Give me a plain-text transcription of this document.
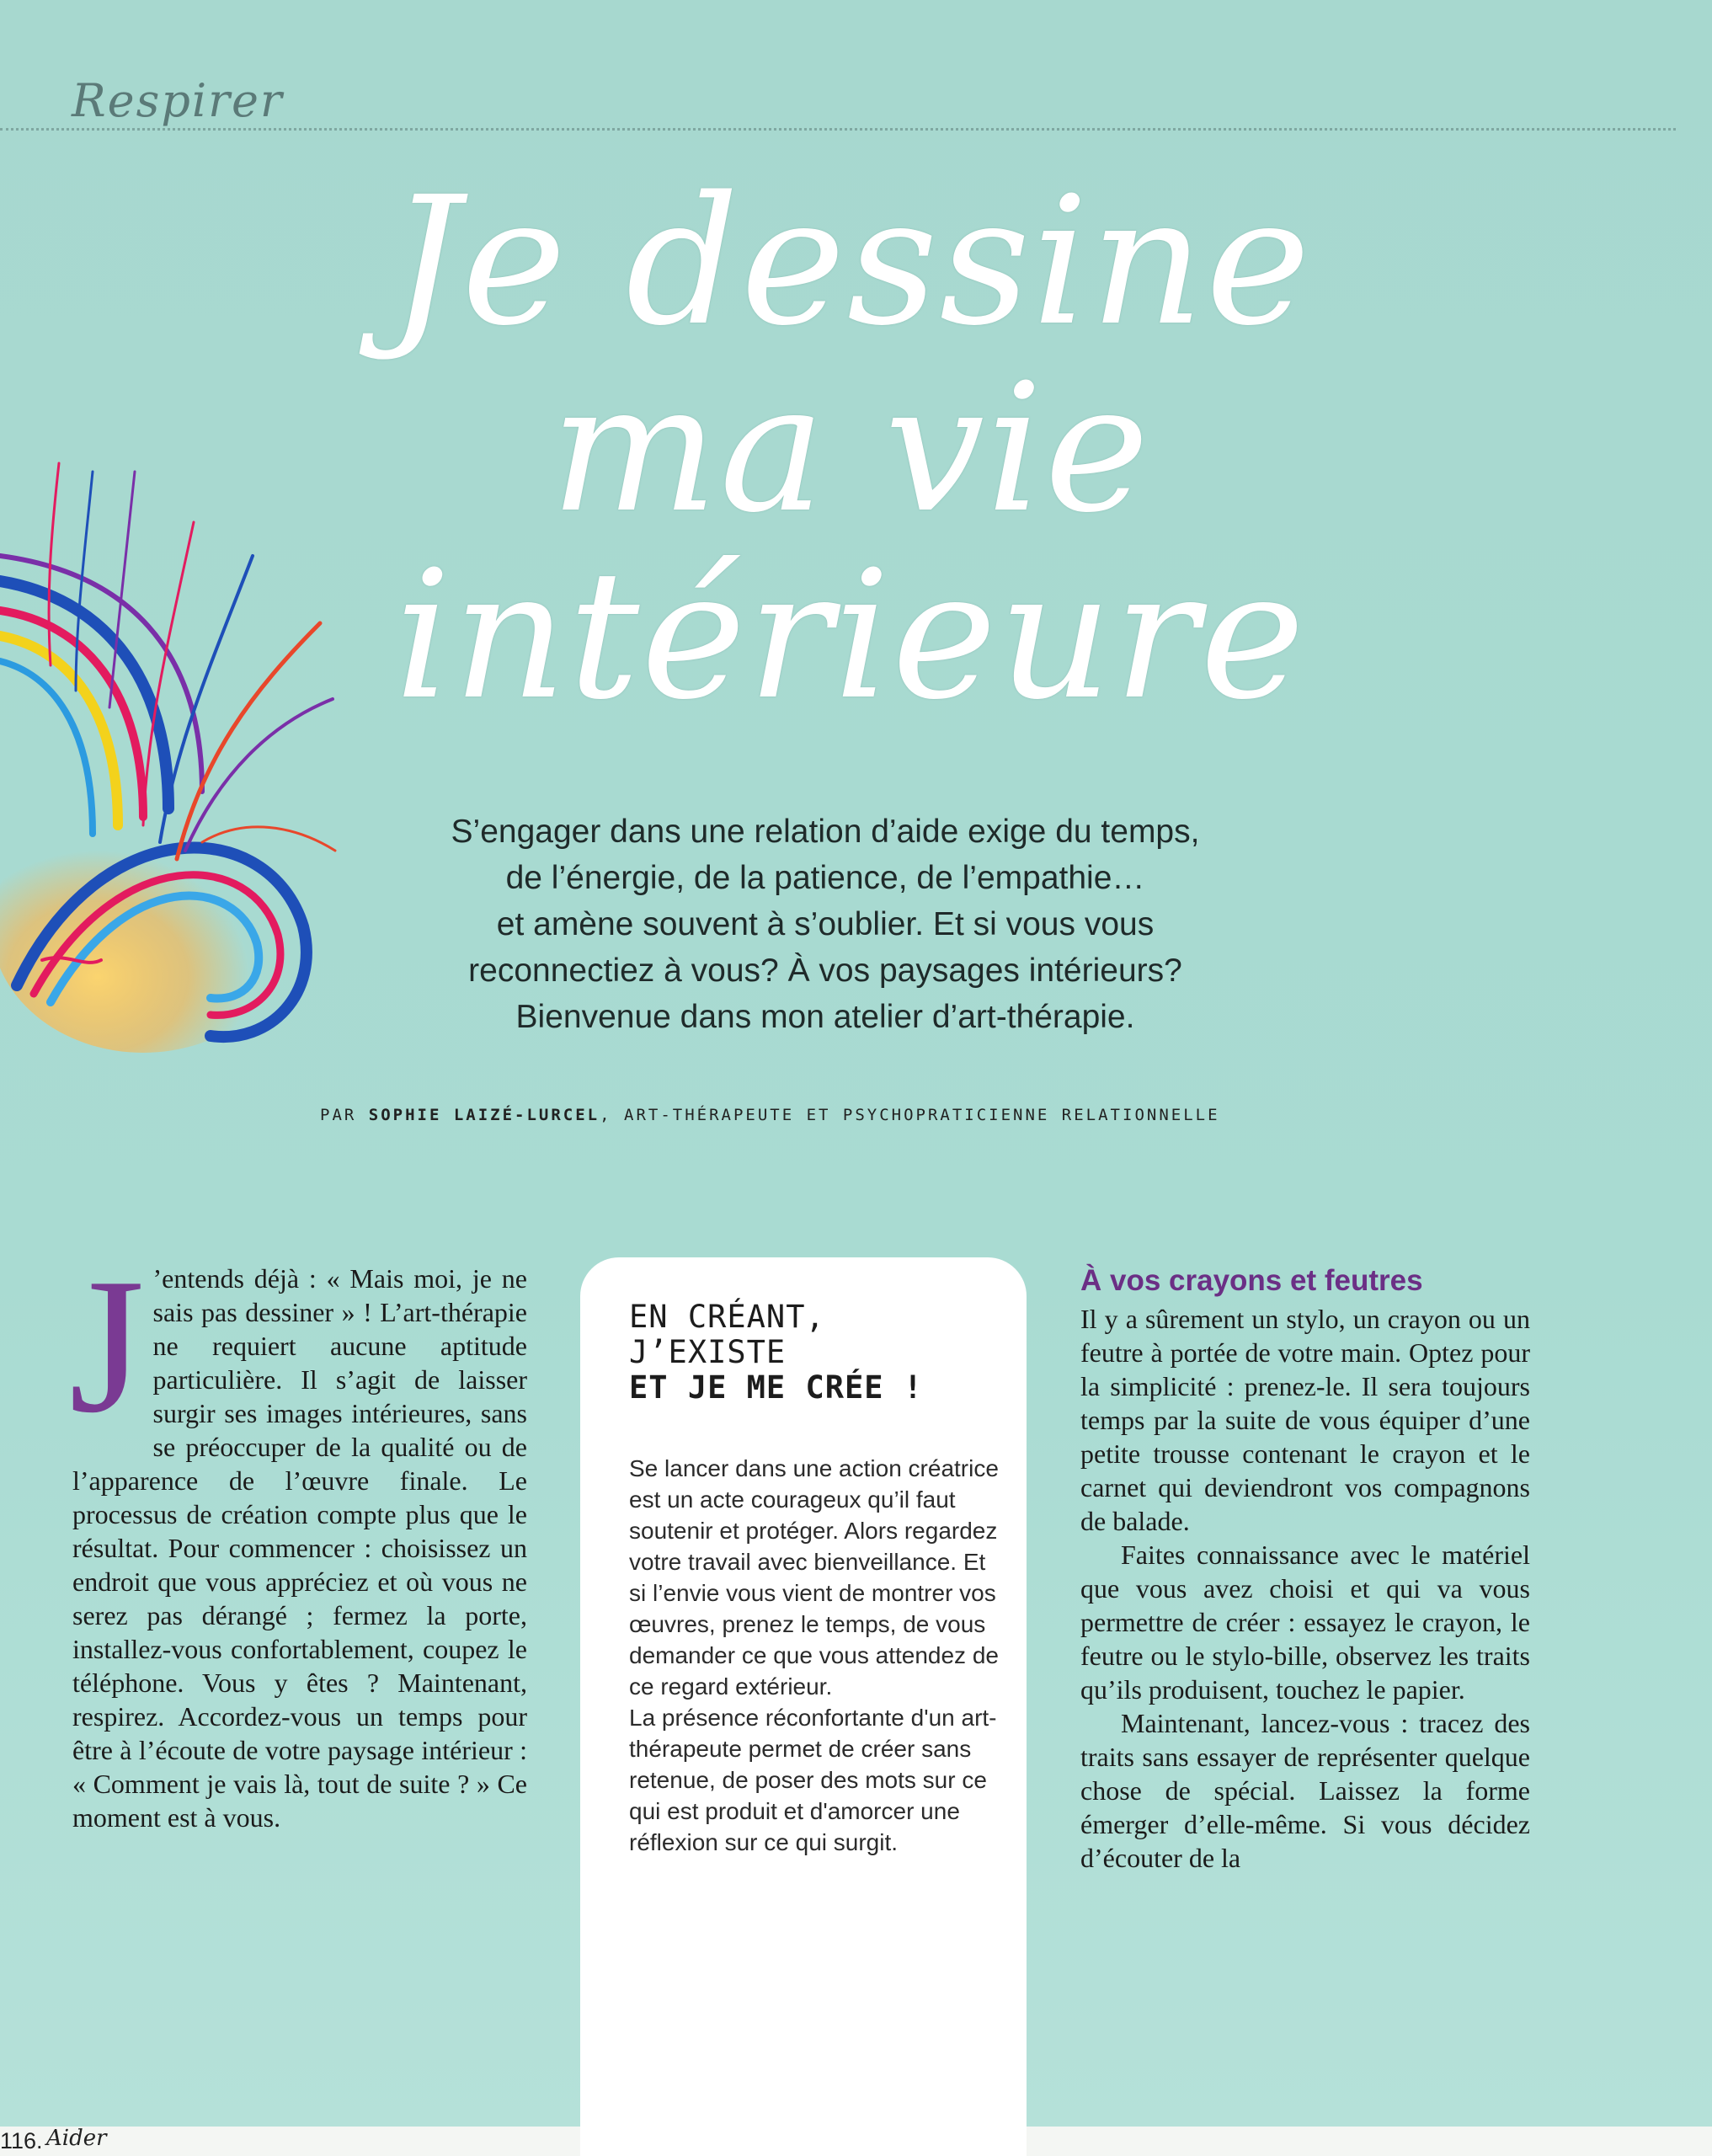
Respirer
Je dessine
ma vie
intérieure

S’engager dans une relation d’aide exige du temps,

de l’énergie, de la patience, de l’empathie…

et amène souvent à s’oublier. Et si vous vous

reconnectiez à vous? À vos paysages intérieurs?

Bienvenue dans mon atelier d’art-thérapie.

PAR SOPHIE LAIZÉ-LURCEL, ART-THÉRAPEUTE ET PSYCHOPRATICIENNE RELATIONNELLE
J ’entends déjà : « Mais moi, je ne sais pas dessiner » ! L’art-thérapie ne requiert aucune aptitude particulière. Il s’agit de laisser surgir ses images intérieures, sans se préoccuper de la qualité ou de l’apparence de l’œuvre finale. Le processus de création compte plus que le résultat. Pour commencer : choisissez un endroit que vous appréciez et où vous ne serez pas dérangé ; fermez la porte, installez-vous confortablement, coupez le téléphone. Vous y êtes ? Maintenant, respirez. Accordez-vous un temps pour être à l’écoute de votre paysage intérieur : « Comment je vais là, tout de suite ? » Ce moment est à vous.

EN CRÉANT,
J’EXISTE
ET JE ME CRÉE !

Se lancer dans une action créatrice est un acte courageux qu’il faut soutenir et protéger. Alors regardez votre travail avec bienveillance. Et si l’envie vous vient de montrer vos œuvres, prenez le temps, de vous demander ce que vous attendez de ce regard extérieur.

La présence réconfortante d'un art-thérapeute permet de créer sans retenue, de poser des mots sur ce qui est produit et d'amorcer une réflexion sur ce qui surgit.

À vos crayons et feutres

Il y a sûrement un stylo, un crayon ou un feutre à portée de votre main. Optez pour la simplicité : prenez-le. Il sera toujours temps par la suite de vous équiper d’une petite trousse contenant le crayon et le carnet qui deviendront vos compagnons de balade.

Faites connaissance avec le matériel que vous avez choisi et qui va vous permettre de créer : essayez le crayon, le feutre ou le stylo-bille, observez les traits qu’ils produisent, touchez le papier.

Maintenant, lancez-vous : tracez des traits sans essayer de représenter quelque chose de spécial. Laissez la forme émerger d’elle-même. Si vous décidez d’écouter de la

116. Aider
